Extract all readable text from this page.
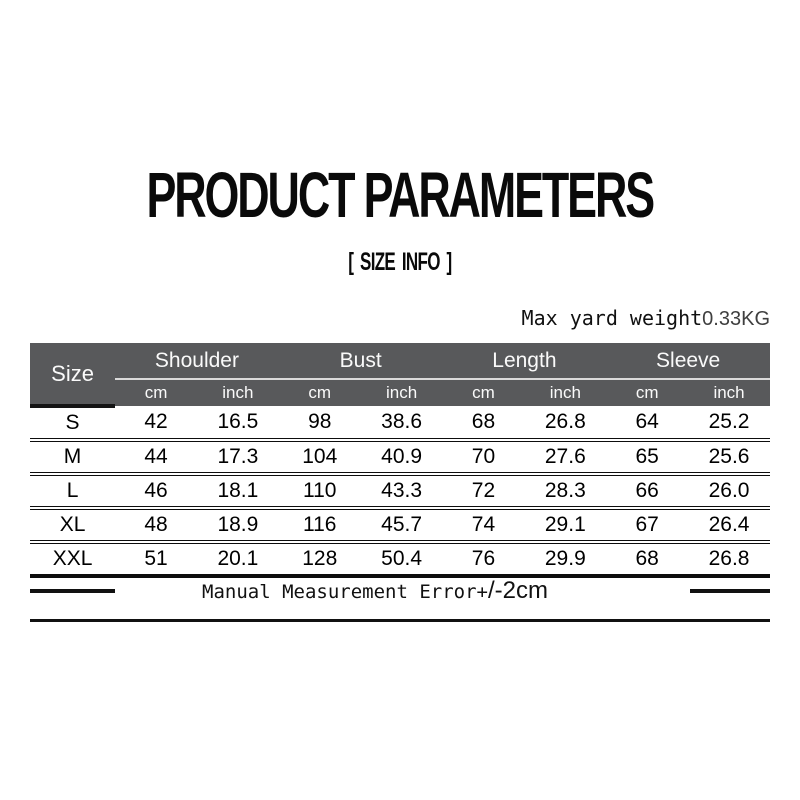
PRODUCT PARAMETERS
[ SIZE INFO ]
Max yard weight0.33KG
Size	Shoulder		Bust		Length		Sleeve	
	cm	inch	cm	inch	cm	inch	cm	inch
S	42	16.5	98	38.6	68	26.8	64	25.2
M	44	17.3	104	40.9	70	27.6	65	25.6
L	46	18.1	110	43.3	72	28.3	66	26.0
XL	48	18.9	116	45.7	74	29.1	67	26.4
XXL	51	20.1	128	50.4	76	29.9	68	26.8
Manual Measurement Error+/-2cm
